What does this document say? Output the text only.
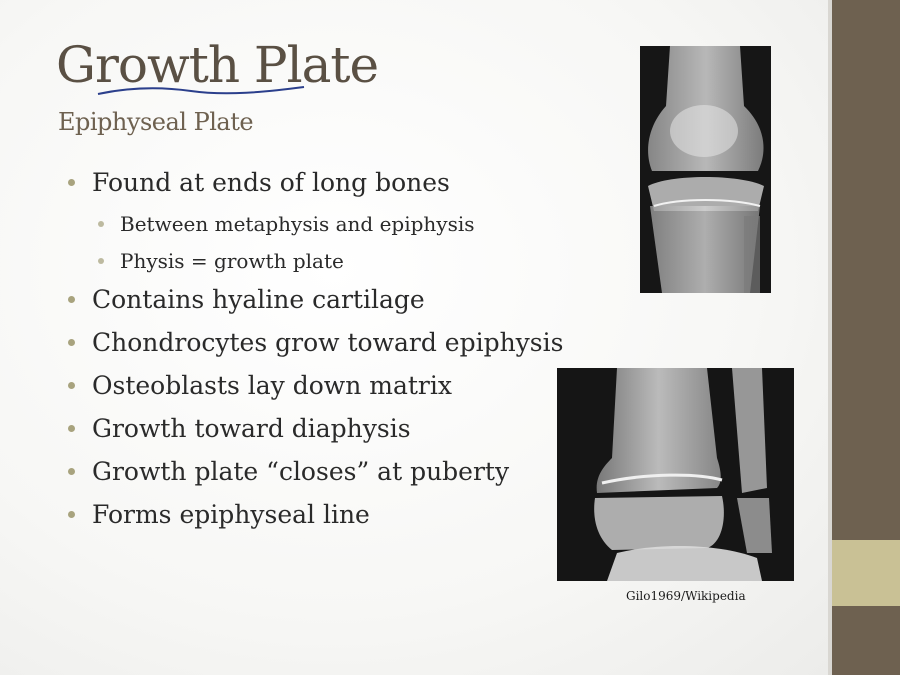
Growth Plate
Epiphyseal Plate
Found at ends of long bones
Between metaphysis and epiphysis
Physis = growth plate
Contains hyaline cartilage
Chondrocytes grow toward epiphysis
Osteoblasts lay down matrix
Growth toward diaphysis
Growth plate “closes” at puberty
Forms epiphyseal line
Gilo1969/Wikipedia
